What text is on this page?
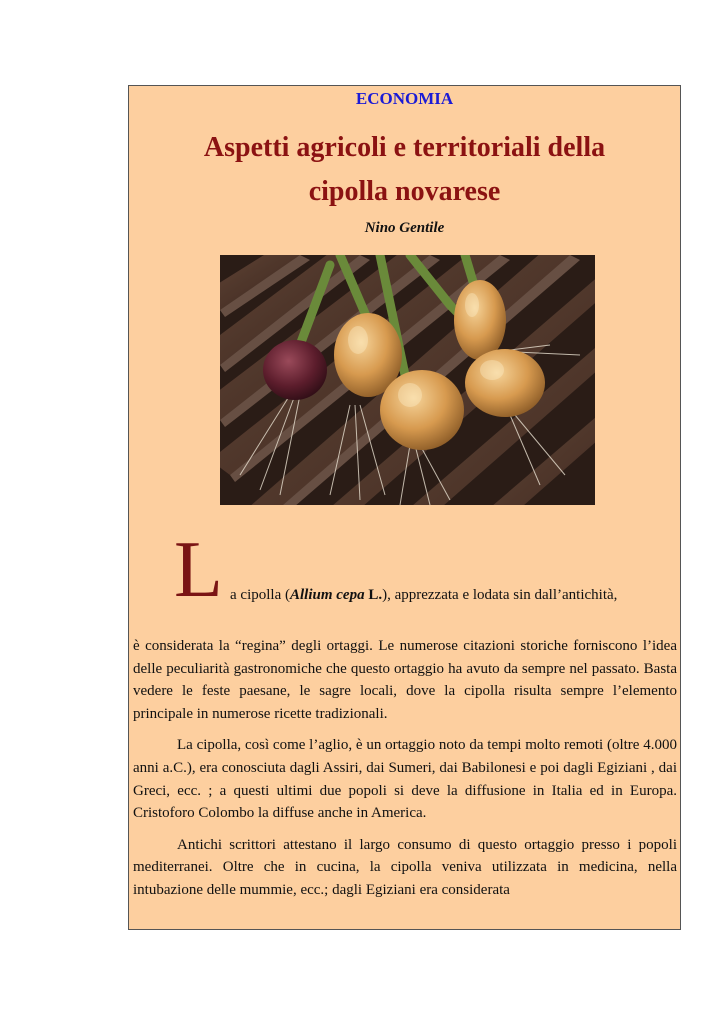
ECONOMIA
Aspetti agricoli e territoriali della
cipolla novarese
Nino Gentile
L a cipolla (Allium cepa L.), apprezzata e lodata sin dall’antichità,

è considerata la “regina” degli ortaggi. Le numerose citazioni storiche forniscono l’idea delle peculiarità gastronomiche che questo ortaggio ha avuto da sempre nel passato. Basta vedere le feste paesane, le sagre locali, dove la cipolla risulta sempre l’elemento principale in numerose ricette tradizionali.

La cipolla, così come l’aglio, è un ortaggio noto da tempi molto remoti (oltre 4.000 anni a.C.), era conosciuta dagli Assiri, dai Sumeri, dai Babilonesi e poi dagli Egiziani , dai Greci, ecc. ; a questi ultimi due popoli si deve la diffusione in Italia ed in Europa. Cristoforo Colombo la diffuse anche in America.

Antichi scrittori attestano il largo consumo di questo ortaggio presso i popoli mediterranei. Oltre che in cucina, la cipolla veniva utilizzata in medicina, nella intubazione delle mummie, ecc.; dagli Egiziani era considerata
